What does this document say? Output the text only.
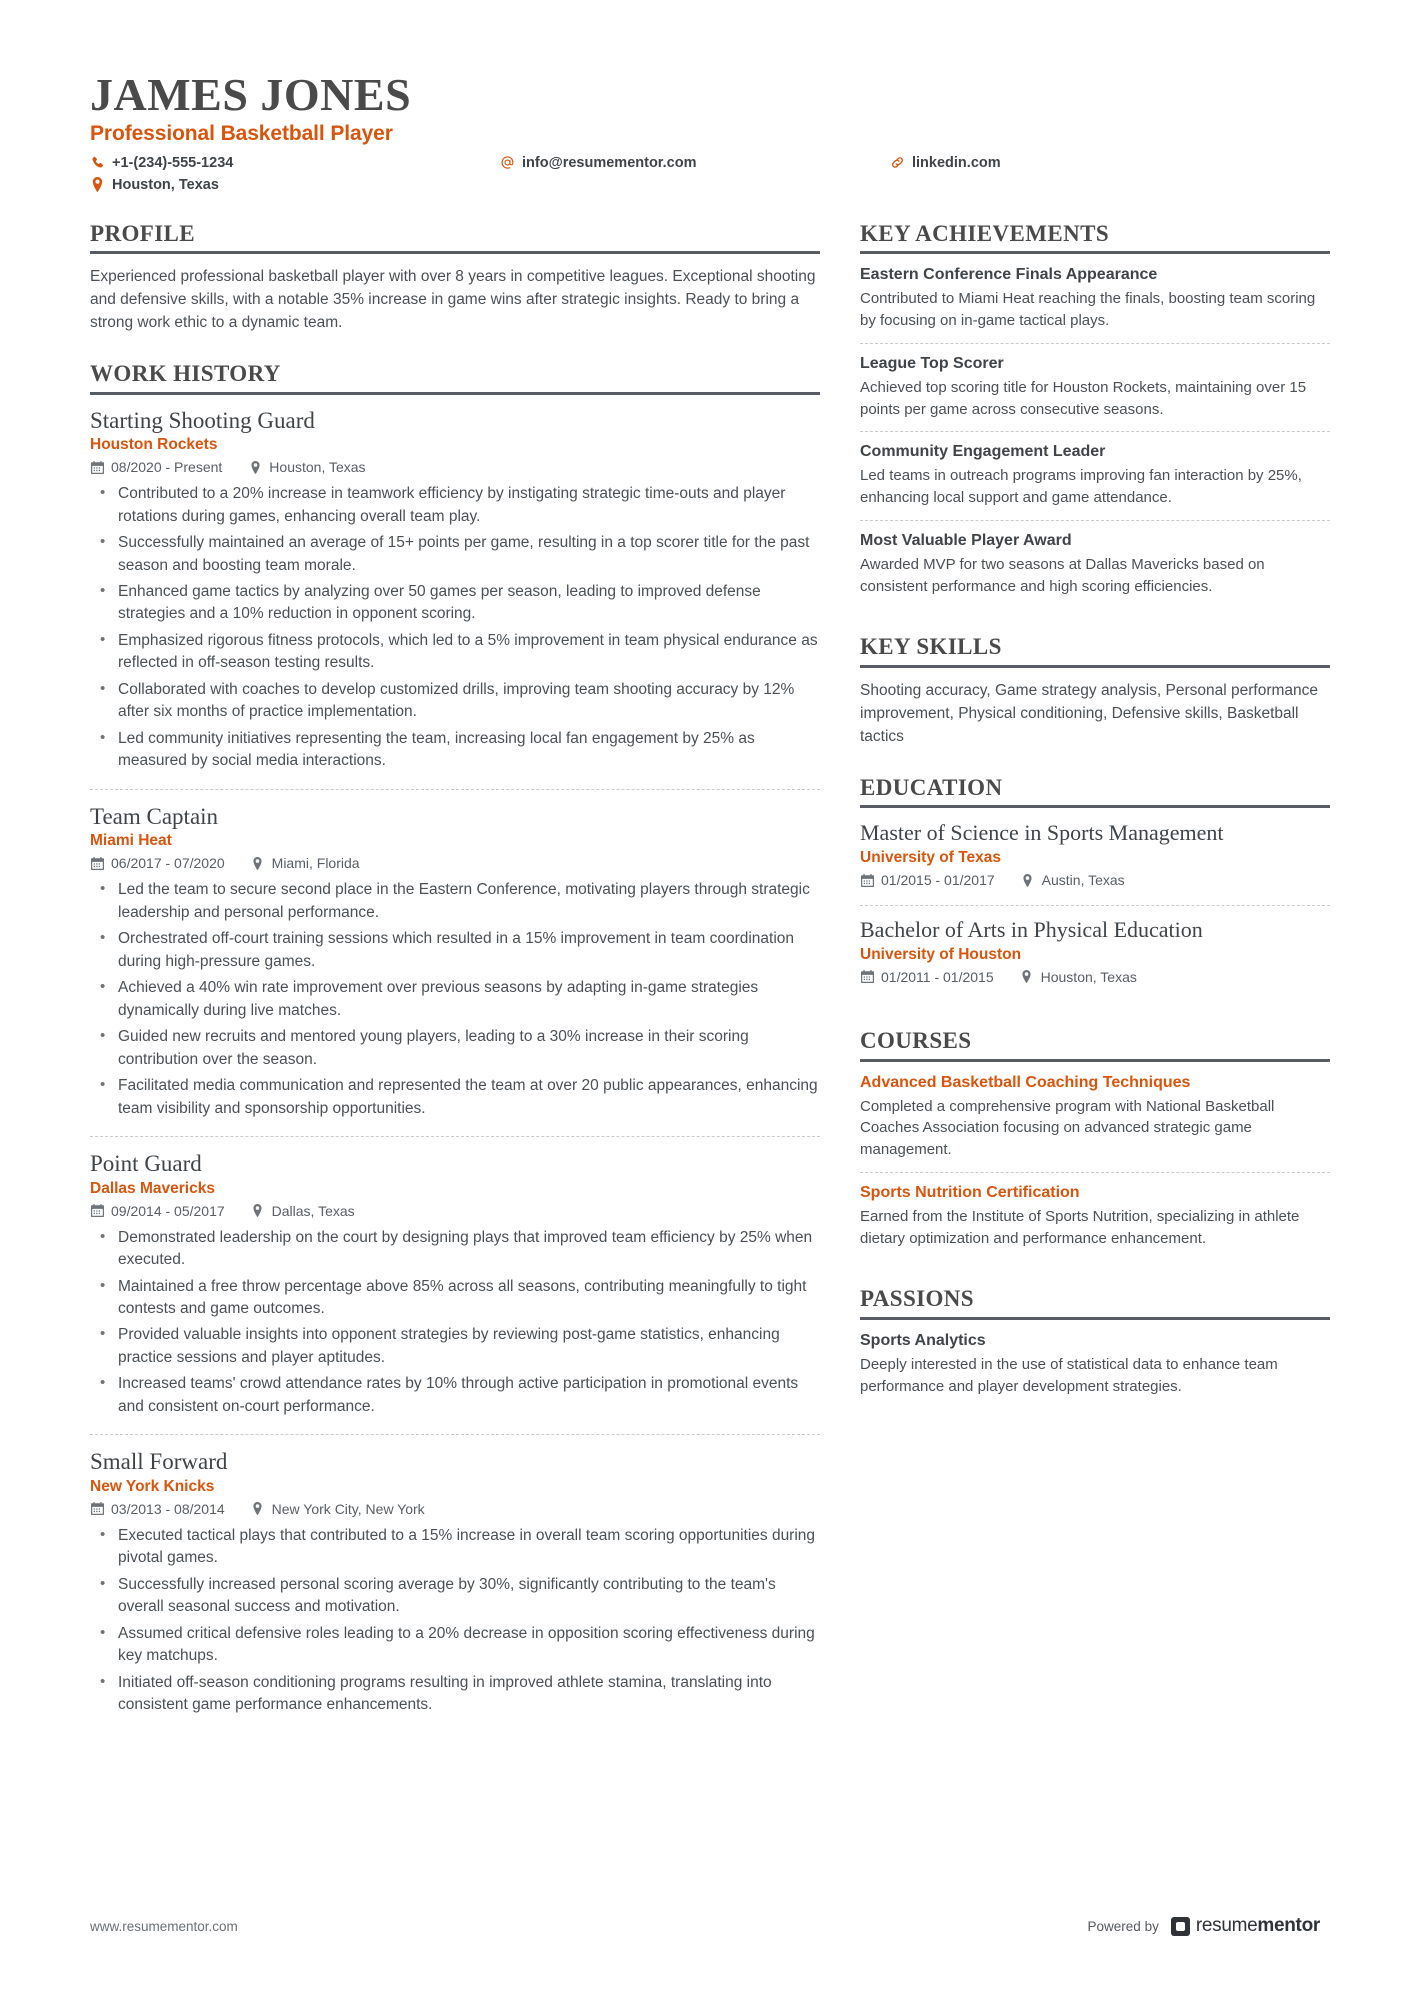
JAMES JONES
Professional Basketball Player
+1-(234)-555-1234	info@resumementor.com	linkedin.com
Houston, Texas
PROFILE
Experienced professional basketball player with over 8 years in competitive leagues. Exceptional shooting and defensive skills, with a notable 35% increase in game wins after strategic insights. Ready to bring a strong work ethic to a dynamic team.
WORK HISTORY
Starting Shooting Guard
Houston Rockets
08/2020 - Present	Houston, Texas
• Contributed to a 20% increase in teamwork efficiency by instigating strategic time-outs and player rotations during games, enhancing overall team play.
• Successfully maintained an average of 15+ points per game, resulting in a top scorer title for the past season and boosting team morale.
• Enhanced game tactics by analyzing over 50 games per season, leading to improved defense strategies and a 10% reduction in opponent scoring.
• Emphasized rigorous fitness protocols, which led to a 5% improvement in team physical endurance as reflected in off-season testing results.
• Collaborated with coaches to develop customized drills, improving team shooting accuracy by 12% after six months of practice implementation.
• Led community initiatives representing the team, increasing local fan engagement by 25% as measured by social media interactions.
Team Captain
Miami Heat
06/2017 - 07/2020	Miami, Florida
• Led the team to secure second place in the Eastern Conference, motivating players through strategic leadership and personal performance.
• Orchestrated off-court training sessions which resulted in a 15% improvement in team coordination during high-pressure games.
• Achieved a 40% win rate improvement over previous seasons by adapting in-game strategies dynamically during live matches.
• Guided new recruits and mentored young players, leading to a 30% increase in their scoring contribution over the season.
• Facilitated media communication and represented the team at over 20 public appearances, enhancing team visibility and sponsorship opportunities.
Point Guard
Dallas Mavericks
09/2014 - 05/2017	Dallas, Texas
• Demonstrated leadership on the court by designing plays that improved team efficiency by 25% when executed.
• Maintained a free throw percentage above 85% across all seasons, contributing meaningfully to tight contests and game outcomes.
• Provided valuable insights into opponent strategies by reviewing post-game statistics, enhancing practice sessions and player aptitudes.
• Increased teams' crowd attendance rates by 10% through active participation in promotional events and consistent on-court performance.
Small Forward
New York Knicks
03/2013 - 08/2014	New York City, New York
• Executed tactical plays that contributed to a 15% increase in overall team scoring opportunities during pivotal games.
• Successfully increased personal scoring average by 30%, significantly contributing to the team's overall seasonal success and motivation.
• Assumed critical defensive roles leading to a 20% decrease in opposition scoring effectiveness during key matchups.
• Initiated off-season conditioning programs resulting in improved athlete stamina, translating into consistent game performance enhancements.
KEY ACHIEVEMENTS
Eastern Conference Finals Appearance
Contributed to Miami Heat reaching the finals, boosting team scoring by focusing on in-game tactical plays.
League Top Scorer
Achieved top scoring title for Houston Rockets, maintaining over 15 points per game across consecutive seasons.
Community Engagement Leader
Led teams in outreach programs improving fan interaction by 25%, enhancing local support and game attendance.
Most Valuable Player Award
Awarded MVP for two seasons at Dallas Mavericks based on consistent performance and high scoring efficiencies.
KEY SKILLS
Shooting accuracy, Game strategy analysis, Personal performance improvement, Physical conditioning, Defensive skills, Basketball tactics
EDUCATION
Master of Science in Sports Management
University of Texas
01/2015 - 01/2017	Austin, Texas
Bachelor of Arts in Physical Education
University of Houston
01/2011 - 01/2015	Houston, Texas
COURSES
Advanced Basketball Coaching Techniques
Completed a comprehensive program with National Basketball Coaches Association focusing on advanced strategic game management.
Sports Nutrition Certification
Earned from the Institute of Sports Nutrition, specializing in athlete dietary optimization and performance enhancement.
PASSIONS
Sports Analytics
Deeply interested in the use of statistical data to enhance team performance and player development strategies.
www.resumementor.com	Powered by resumementor
